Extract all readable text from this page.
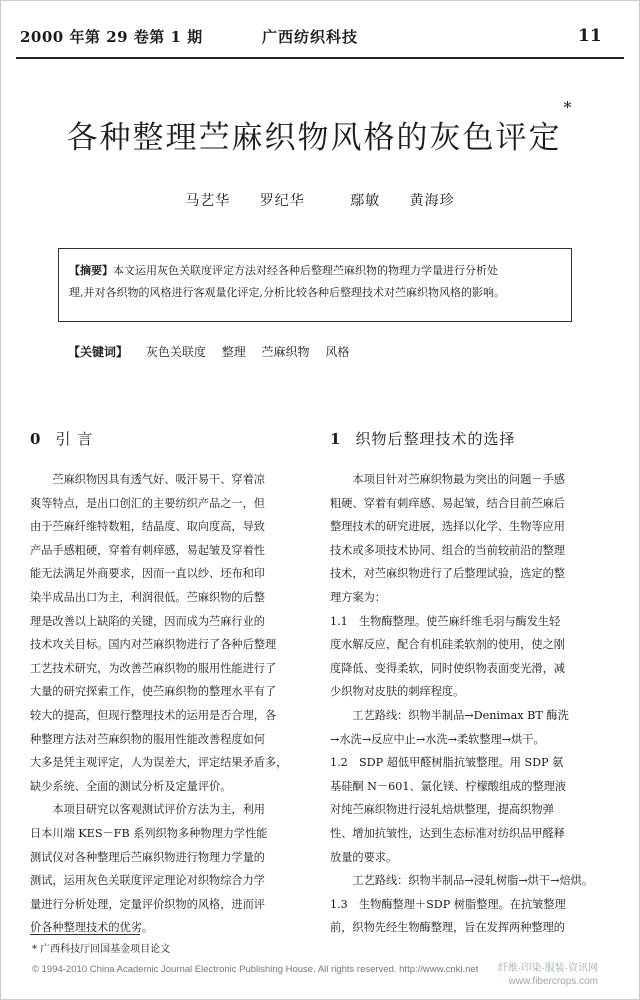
2000 年第 29 卷第 1 期	广西纺织科技	11
各种整理苎麻织物风格的灰色评定*
马艺华 罗纪华	鄢敏 黄海珍
【摘要】本文运用灰色关联度评定方法对经各种后整理苎麻织物的物理力学量进行分析处
理,并对各织物的风格进行客观量化评定,分析比较各种后整理技术对苎麻织物风格的影响。
【关键词】 灰色关联度 整理 苎麻织物 风格
0 引 言	1 织物后整理技术的选择
　　苎麻织物因具有透气好、吸汗易干、穿着凉
爽等特点，是出口创汇的主要纺织产品之一，但
由于苎麻纤维特数粗，结晶度、取向度高，导致
产品手感粗硬，穿着有刺痒感，易起皱及穿着性
能无法满足外商要求，因而一直以纱、坯布和印
染半成品出口为主，利润很低。苎麻织物的后整
理是改善以上缺陷的关键，因而成为苎麻行业的
技术攻关目标。国内对苎麻织物进行了各种后整理
工艺技术研究，为改善苎麻织物的服用性能进行了
大量的研究探索工作，使苎麻织物的整理水平有了
较大的提高，但现行整理技术的运用是否合理，各
种整理方法对苎麻织物的服用性能改善程度如何
大多是凭主观评定，人为误差大，评定结果矛盾多，
缺少系统、全面的测试分析及定量评价。
　　本项目研究以客观测试评价方法为主，利用
日本川端 KES－FB 系列织物多种物理力学性能
测试仪对各种整理后苎麻织物进行物理力学量的
测试，运用灰色关联度评定理论对织物综合力学
量进行分析处理，定量评价织物的风格，进而评
价各种整理技术的优劣。
　　本项目针对苎麻织物最为突出的问题－手感
粗硬、穿着有刺痒感、易起皱，结合目前苎麻后
整理技术的研究进展，选择以化学、生物等应用
技术或多项技术协同、组合的当前较前沿的整理
技术，对苎麻织物进行了后整理试验，选定的整
理方案为：
1.1　生物酶整理。使苎麻纤维毛羽与酶发生轻
度水解反应，配合有机硅柔软剂的使用，使之刚
度降低、变得柔软，同时使织物表面变光滑，减
少织物对皮肤的刺痒程度。
　　工艺路线：织物半制品→Denimax BT 酶洗
→水洗→反应中止→水洗→柔软整理→烘干。
1.2　SDP 超低甲醛树脂抗皱整理。用 SDP 氨
基硅酮 N－601、氯化镁、柠檬酸组成的整理液
对纯苎麻织物进行浸轧焙烘整理，提高织物弹
性、增加抗皱性，达到生态标准对纺织品甲醛释
放量的要求。
　　工艺路线：织物半制品→浸轧树脂→烘干→焙烘。
1.3　生物酶整理＋SDP 树脂整理。在抗皱整理
前，织物先经生物酶整理，旨在发挥两种整理的
* 广西科技厅回国基金项目论文
© 1994-2010 China Academic Journal Electronic Publishing House. All rights reserved. http://www.cnki.net 纤维·印染·服装·资讯网
www.fibercrops.com
